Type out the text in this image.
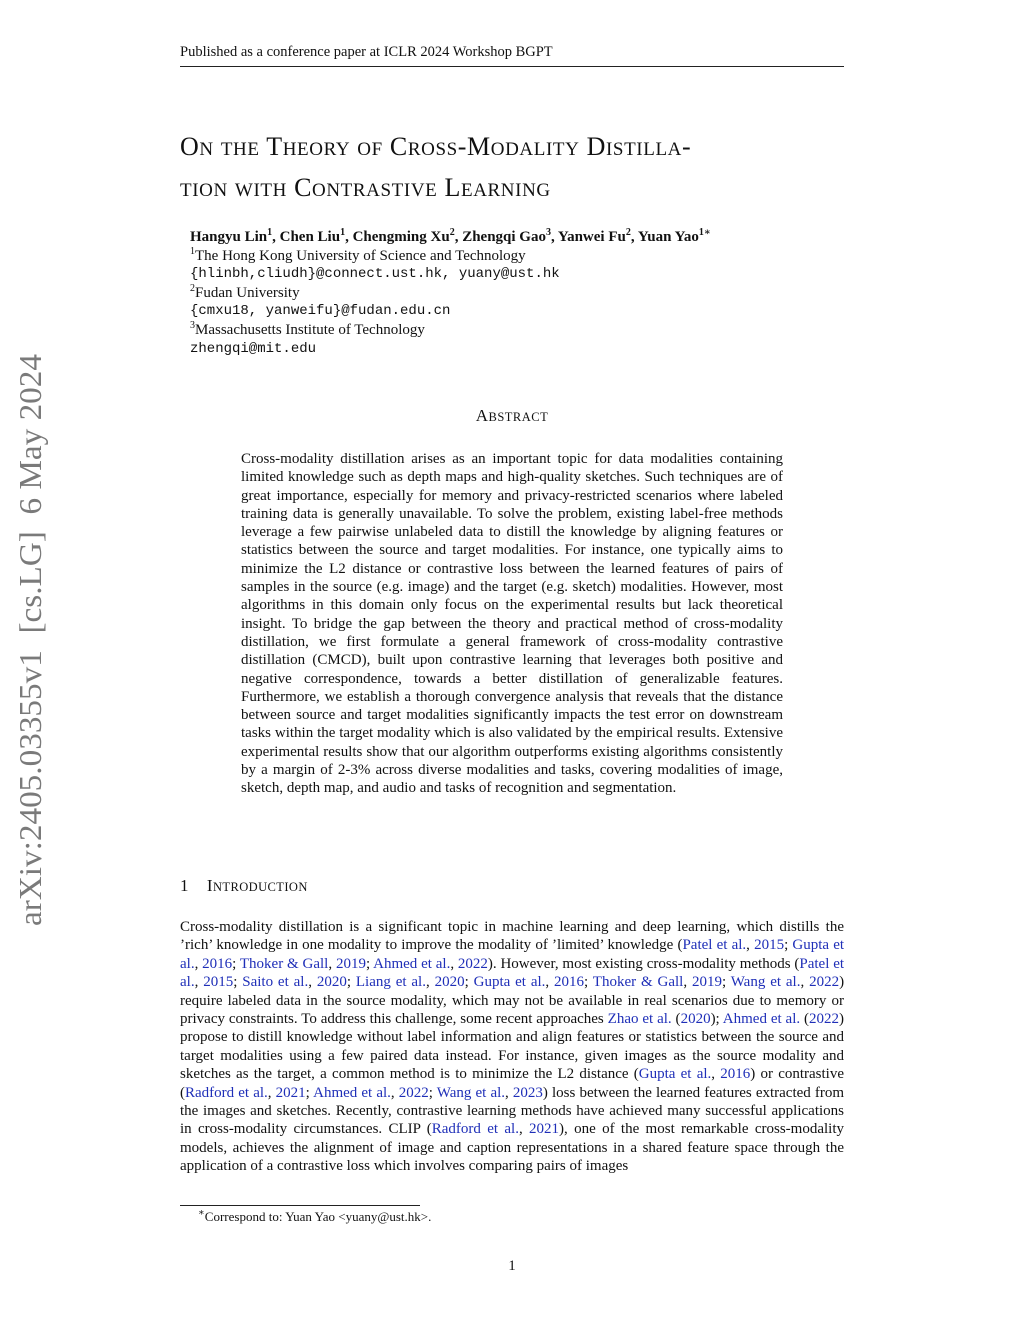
Published as a conference paper at ICLR 2024 Workshop BGPT
arXiv:2405.03355v1  [cs.LG]  6 May 2024
ON THE THEORY OF CROSS-MODALITY DISTILLA-
TION WITH CONTRASTIVE LEARNING
Hangyu Lin$^1$, Chen Liu$^1$, Chengming Xu$^2$, Zhengqi Gao$^3$, Yanwei Fu$^2$, Yuan Yao$^{1∗}$
$^1$The Hong Kong University of Science and Technology
{hlinbh,cliudh}@connect.ust.hk, yuany@ust.hk
$^2$Fudan University
{cmxu18, yanweifu}@fudan.edu.cn
$^3$Massachusetts Institute of Technology
zhengqi@mit.edu
ABSTRACT
Cross-modality distillation arises as an important topic for data modalities containing limited knowledge such as depth maps and high-quality sketches. Such techniques are of great importance, especially for memory and privacy-restricted scenarios where labeled training data is generally unavailable. To solve the problem, existing label-free methods leverage a few pairwise unlabeled data to distill the knowledge by aligning features or statistics between the source and target modalities. For instance, one typically aims to minimize the L2 distance or contrastive loss between the learned features of pairs of samples in the source (e.g. image) and the target (e.g. sketch) modalities. However, most algorithms in this domain only focus on the experimental results but lack theoretical insight. To bridge the gap between the theory and practical method of cross-modality distillation, we first formulate a general framework of cross-modality contrastive distillation (CMCD), built upon contrastive learning that leverages both positive and negative correspondence, towards a better distillation of generalizable features. Furthermore, we establish a thorough convergence analysis that reveals that the distance between source and target modalities significantly impacts the test error on downstream tasks within the target modality which is also validated by the empirical results. Extensive experimental results show that our algorithm outperforms existing algorithms consistently by a margin of 2-3% across diverse modalities and tasks, covering modalities of image, sketch, depth map, and audio and tasks of recognition and segmentation.
1 INTRODUCTION
Cross-modality distillation is a significant topic in machine learning and deep learning, which distills the ’rich’ knowledge in one modality to improve the modality of ’limited’ knowledge (Patel et al., 2015; Gupta et al., 2016; Thoker & Gall, 2019; Ahmed et al., 2022). However, most existing cross-modality methods (Patel et al., 2015; Saito et al., 2020; Liang et al., 2020; Gupta et al., 2016; Thoker & Gall, 2019; Wang et al., 2022) require labeled data in the source modality, which may not be available in real scenarios due to memory or privacy constraints. To address this challenge, some recent approaches Zhao et al. (2020); Ahmed et al. (2022) propose to distill knowledge without label information and align features or statistics between the source and target modalities using a few paired data instead. For instance, given images as the source modality and sketches as the target, a common method is to minimize the L2 distance (Gupta et al., 2016) or contrastive (Radford et al., 2021; Ahmed et al., 2022; Wang et al., 2023) loss between the learned features extracted from the images and sketches. Recently, contrastive learning methods have achieved many successful applications in cross-modality circumstances. CLIP (Radford et al., 2021), one of the most remarkable cross-modality models, achieves the alignment of image and caption representations in a shared feature space through the application of a contrastive loss which involves comparing pairs of images
∗Correspond to: Yuan Yao <yuany@ust.hk>.
1
